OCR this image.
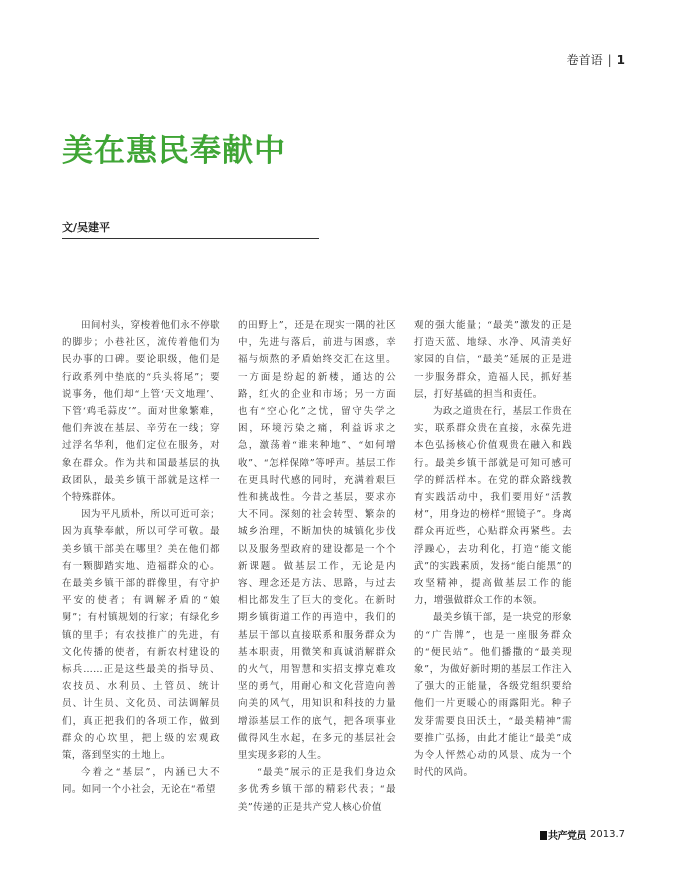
卷首语 | 1
美在惠民奉献中
文/吴建平

田间村头，穿梭着他们永不停歇的脚步；小巷社区，流传着他们为民办事的口碑。要论职级，他们是行政系列中垫底的“兵头将尾”；要说事务，他们却“上管‘天文地理’、下管‘鸡毛蒜皮’”。面对世象繁难，他们奔波在基层、辛劳在一线；穿过浮名华利，他们定位在服务，对象在群众。作为共和国最基层的执政团队，最美乡镇干部就是这样一个特殊群体。

因为平凡质朴，所以可近可亲；因为真挚奉献，所以可学可敬。最美乡镇干部美在哪里？美在他们都有一颗脚踏实地、造福群众的心。在最美乡镇干部的群像里，有守护平安的使者；有调解矛盾的“娘舅”；有村镇规划的行家；有绿化乡镇的里手；有农技推广的先进，有文化传播的使者，有新农村建设的标兵……正是这些最美的指导员、农技员、水利员、土管员、统计员、计生员、文化员、司法调解员们，真正把我们的各项工作，做到群众的心坎里，把上级的宏观政策，落到坚实的土地上。

今着之“基层”，内涵已大不同。如同一个小社会，无论在“希望

的田野上”，还是在现实一隅的社区中，先进与落后，前进与困惑，幸福与烦熬的矛盾始终交汇在这里。一方面是纷起的新楼，通达的公路，红火的企业和市场；另一方面也有“空心化”之忧，留守失学之困，环境污染之痛，利益诉求之急，激荡着“谁来种地”、“如何增收”、“怎样保障”等呼声。基层工作在更具时代感的同时，充满着艰巨性和挑战性。今昔之基层，要求亦大不同。深刻的社会转型、繁杂的城乡治理，不断加快的城镇化步伐以及服务型政府的建设都是一个个新课题。做基层工作，无论是内容、理念还是方法、思路，与过去相比都发生了巨大的变化。在新时期乡镇街道工作的再造中，我们的基层干部以直接联系和服务群众为基本职责，用微笑和真诚消解群众的火气，用智慧和实招支撑克难攻坚的勇气，用耐心和文化营造向善向美的风气，用知识和科技的力量增添基层工作的底气，把各项事业做得风生水起，在多元的基层社会里实现多彩的人生。

“最美”展示的正是我们身边众多优秀乡镇干部的精彩代表；“最美”传递的正是共产党人核心价值

观的强大能量；“最美”激发的正是打造天蓝、地绿、水净、风清美好家园的自信，“最美”延展的正是进一步服务群众，造福人民，抓好基层，打好基础的担当和责任。

为政之道贵在行，基层工作贵在实，联系群众贵在直接，永葆先进本色弘扬核心价值观贵在融入和践行。最美乡镇干部就是可知可感可学的鲜活样本。在党的群众路线教育实践活动中，我们要用好“活教材”，用身边的榜样“照镜子”。身离群众再近些，心贴群众再紧些。去浮躁心，去功利化，打造“能文能武”的实践素质，发扬“能白能黑”的攻坚精神，提高做基层工作的能力，增强做群众工作的本领。

最美乡镇干部，是一块党的形象的“广告牌”，也是一座服务群众的“便民站”。他们播撒的“最美现象”，为做好新时期的基层工作注入了强大的正能量，各级党组织要给他们一片更暖心的雨露阳光。种子发芽需要良田沃土，“最美精神”需要推广弘扬，由此才能让“最美”成为令人怦然心动的风景、成为一个时代的风尚。

共产党员 2013.7
